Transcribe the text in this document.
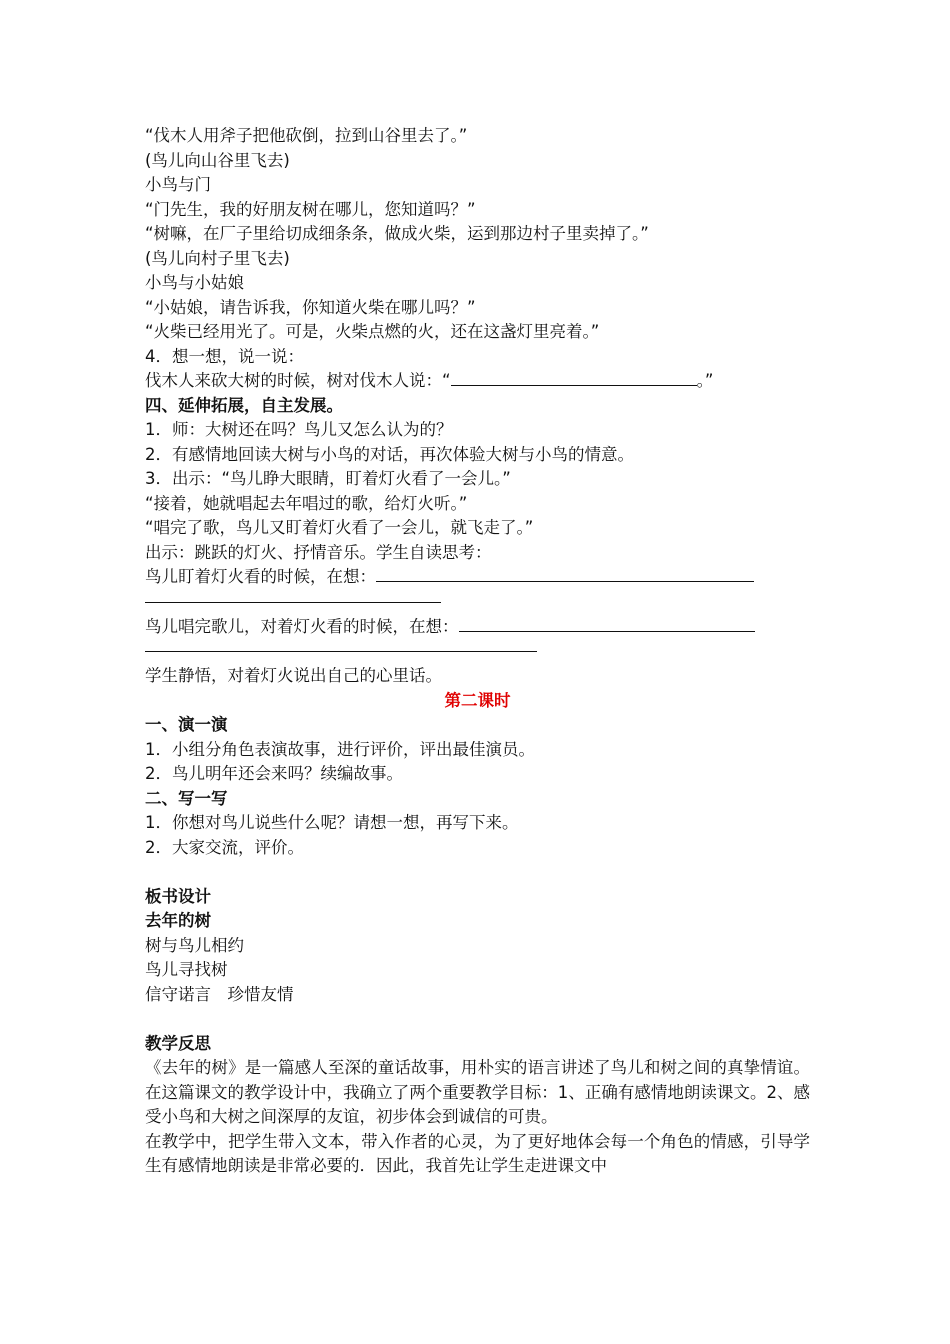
“伐木人用斧子把他砍倒，拉到山谷里去了。”
(鸟儿向山谷里飞去)
小鸟与门
“门先生，我的好朋友树在哪儿，您知道吗？”
“树嘛，在厂子里给切成细条条，做成火柴，运到那边村子里卖掉了。”
(鸟儿向村子里飞去)
小鸟与小姑娘
“小姑娘，请告诉我，你知道火柴在哪儿吗？”
“火柴已经用光了。可是，火柴点燃的火，还在这盏灯里亮着。”
4．想一想，说一说：
伐木人来砍大树的时候，树对伐木人说：“	。”
四、延伸拓展，自主发展。
1．师：大树还在吗？鸟儿又怎么认为的？
2．有感情地回读大树与小鸟的对话，再次体验大树与小鸟的情意。
3．出示：“鸟儿睁大眼睛，盯着灯火看了一会儿。”
“接着，她就唱起去年唱过的歌，给灯火听。”
“唱完了歌，鸟儿又盯着灯火看了一会儿，就飞走了。”
出示：跳跃的灯火、抒情音乐。学生自读思考：
鸟儿盯着灯火看的时候，在想：
鸟儿唱完歌儿，对着灯火看的时候，在想：
学生静悟，对着灯火说出自己的心里话。
第二课时
一、演一演
1．小组分角色表演故事，进行评价，评出最佳演员。
2．鸟儿明年还会来吗？续编故事。
二、写一写
1．你想对鸟儿说些什么呢？请想一想，再写下来。
2．大家交流，评价。
板书设计
去年的树
树与鸟儿相约
鸟儿寻找树
信守诺言　珍惜友情
教学反思
《去年的树》是一篇感人至深的童话故事，用朴实的语言讲述了鸟儿和树之间的真挚情谊。在这篇课文的教学设计中，我确立了两个重要教学目标：1、正确有感情地朗读课文。2、感受小鸟和大树之间深厚的友谊，初步体会到诚信的可贵。
在教学中，把学生带入文本，带入作者的心灵，为了更好地体会每一个角色的情感，引导学生有感情地朗读是非常必要的．因此，我首先让学生走进课文中
